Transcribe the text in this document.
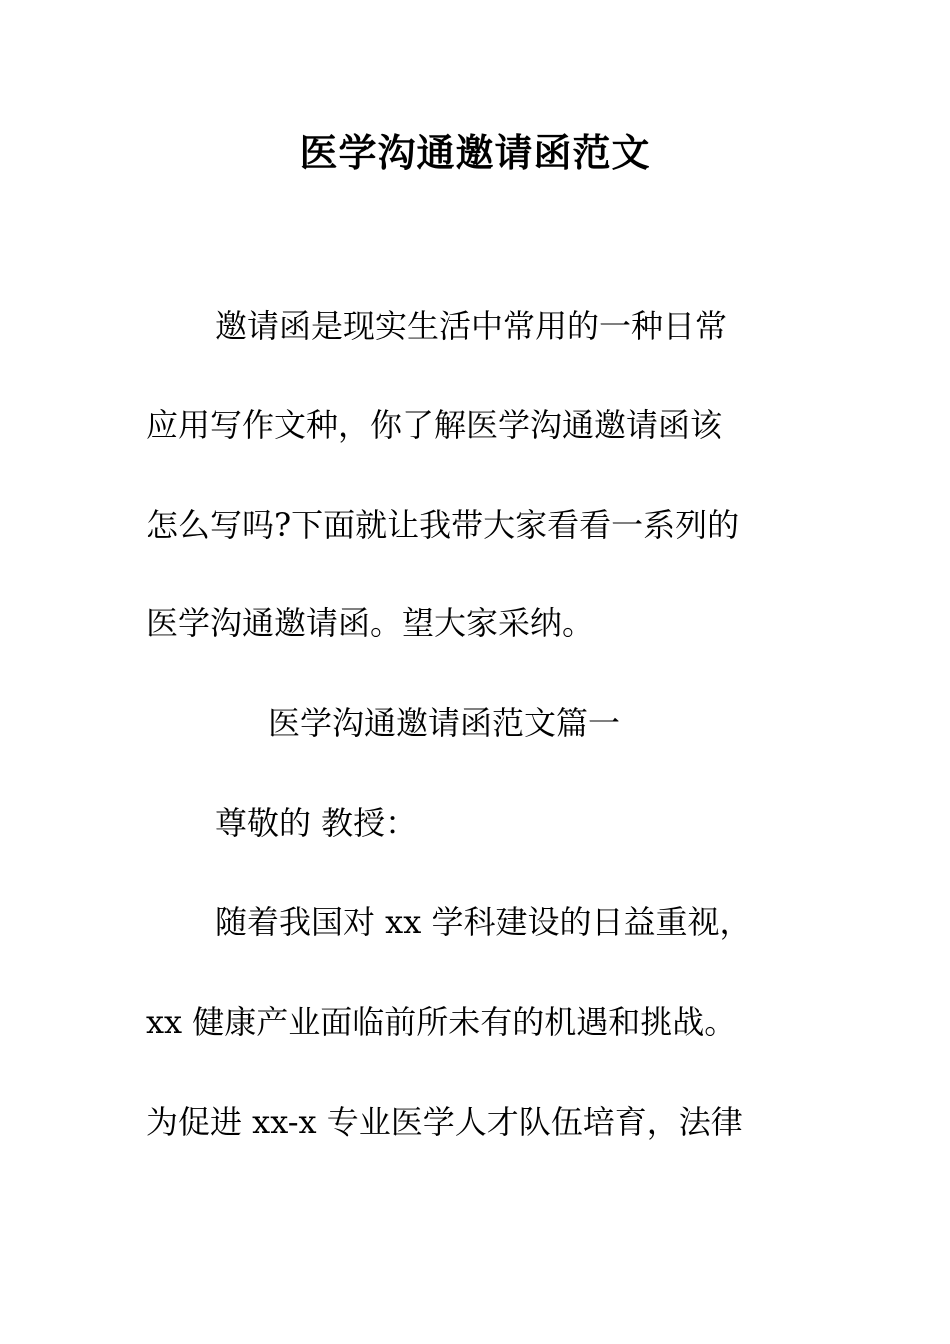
医学沟通邀请函范文

邀请函是现实生活中常用的一种日常

应用写作文种，你了解医学沟通邀请函该

怎么写吗?下面就让我带大家看看一系列的

医学沟通邀请函。望大家采纳。

医学沟通邀请函范文篇一

尊敬的 教授：

随着我国对 xx 学科建设的日益重视，

xx 健康产业面临前所未有的机遇和挑战。

为促进 xx-x 专业医学人才队伍培育，法律
